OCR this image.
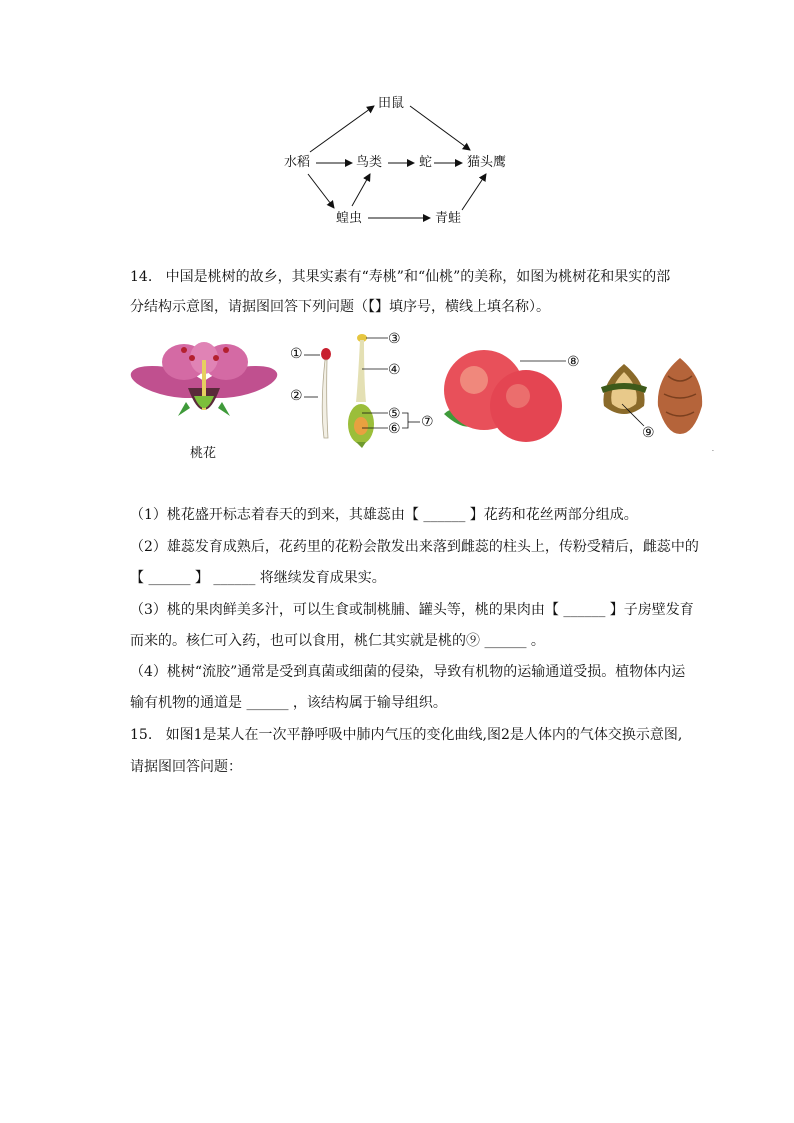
田鼠
水稻	鸟类	蛇	猫头鹰
蝗虫	青蛙
14. 中国是桃树的故乡，其果实素有“寿桃”和“仙桃”的美称，如图为桃树花和果实的部
分结构示意图，请据图回答下列问题（【】填序号，横线上填名称）。
桃花
①
②
③
④
⑤
⑥ ⑦
⑧
⑨
·
（1）桃花盛开标志着春天的到来，其雄蕊由【 ______ 】花药和花丝两部分组成。
（2）雄蕊发育成熟后，花药里的花粉会散发出来落到雌蕊的柱头上，传粉受精后，雌蕊中的
【 ______ 】 ______ 将继续发育成果实。
（3）桃的果肉鲜美多汁，可以生食或制桃脯、罐头等，桃的果肉由【 ______ 】子房壁发育
而来的。核仁可入药，也可以食用，桃仁其实就是桃的⑨ ______ 。
（4）桃树“流胶”通常是受到真菌或细菌的侵染，导致有机物的运输通道受损。植物体内运
输有机物的通道是 ______ ，该结构属于输导组织。
15. 如图1是某人在一次平静呼吸中肺内气压的变化曲线,图2是人体内的气体交换示意图,
请据图回答问题：
